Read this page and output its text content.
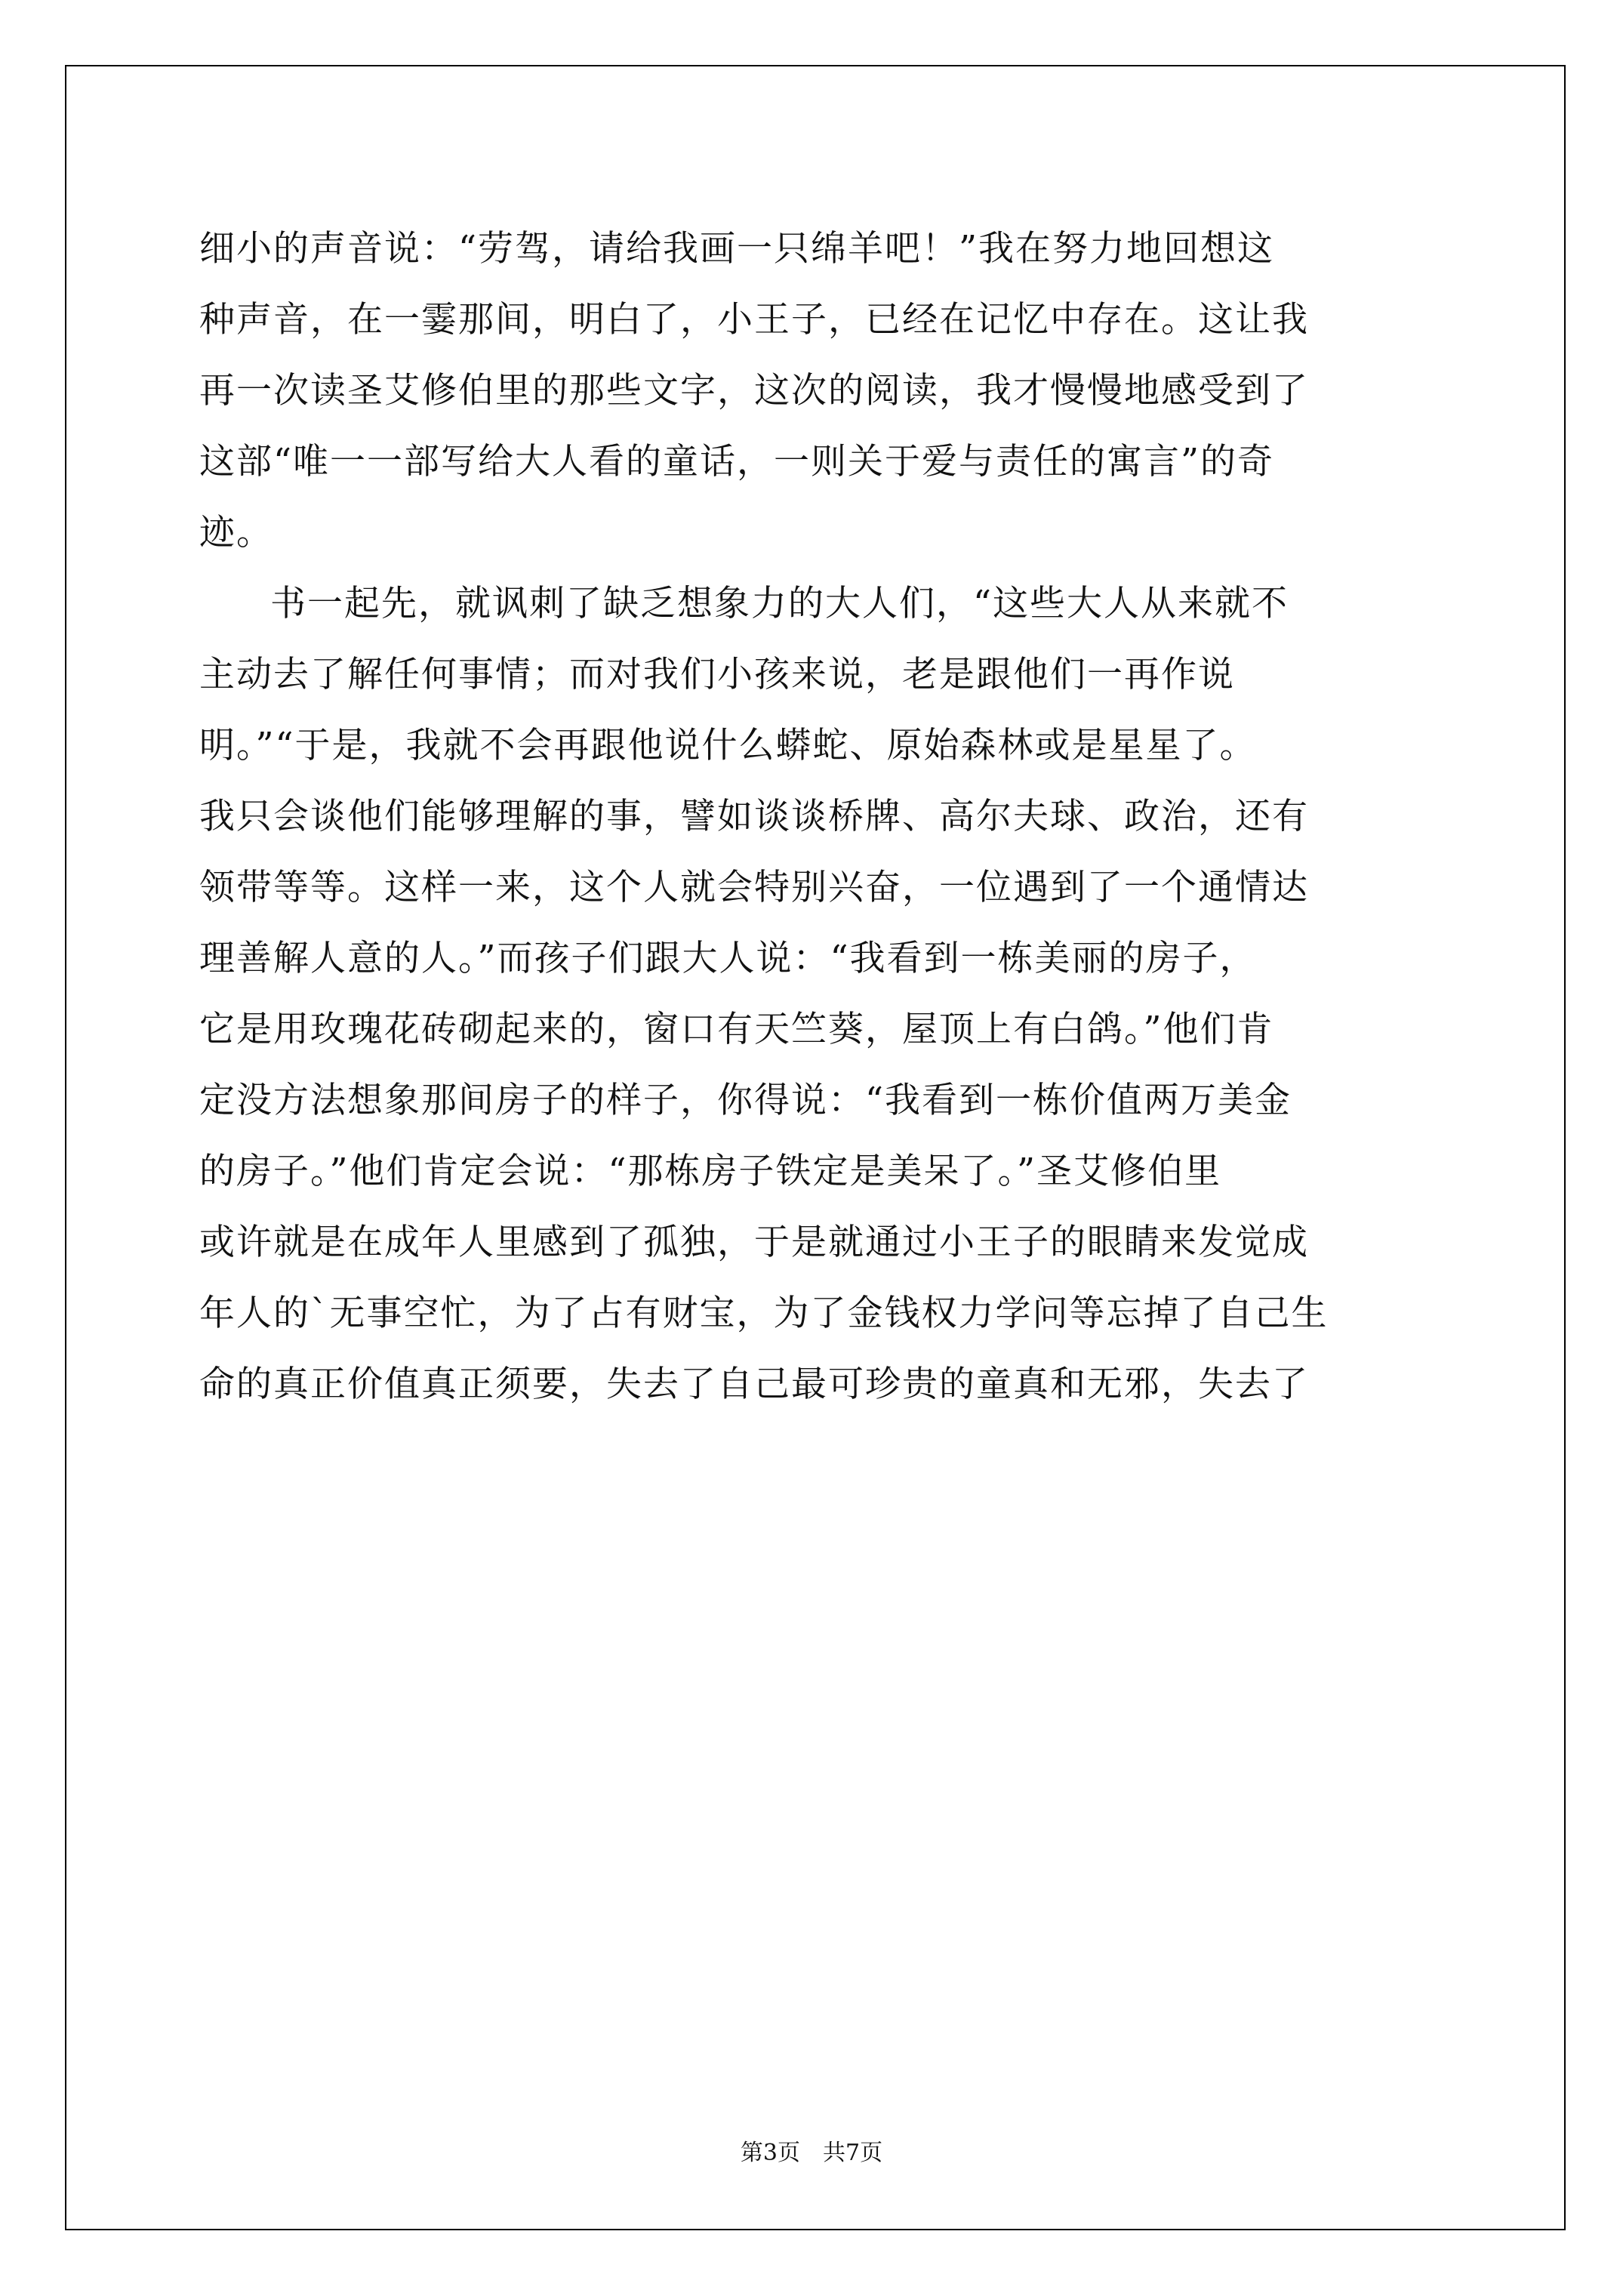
细小的声音说：“劳驾，请给我画一只绵羊吧！”我在努力地回想这
种声音，在一霎那间，明白了，小王子，已经在记忆中存在。这让我
再一次读圣艾修伯里的那些文字，这次的阅读，我才慢慢地感受到了
这部“唯一一部写给大人看的童话，一则关于爱与责任的寓言”的奇
迹。
书一起先，就讽刺了缺乏想象力的大人们，“这些大人从来就不
主动去了解任何事情；而对我们小孩来说，老是跟他们一再作说
明。”“于是，我就不会再跟他说什么蟒蛇、原始森林或是星星了。
我只会谈他们能够理解的事，譬如谈谈桥牌、高尔夫球、政治，还有
领带等等。这样一来，这个人就会特别兴奋，一位遇到了一个通情达
理善解人意的人。”而孩子们跟大人说：“我看到一栋美丽的房子，
它是用玫瑰花砖砌起来的，窗口有天竺葵，屋顶上有白鸽。”他们肯
定没方法想象那间房子的样子，你得说：“我看到一栋价值两万美金
的房子。”他们肯定会说：“那栋房子铁定是美呆了。”圣艾修伯里
或许就是在成年人里感到了孤独，于是就通过小王子的眼睛来发觉成
年人的`无事空忙，为了占有财宝，为了金钱权力学问等忘掉了自己生
命的真正价值真正须要，失去了自己最可珍贵的童真和无邪，失去了
第3页 共7页
